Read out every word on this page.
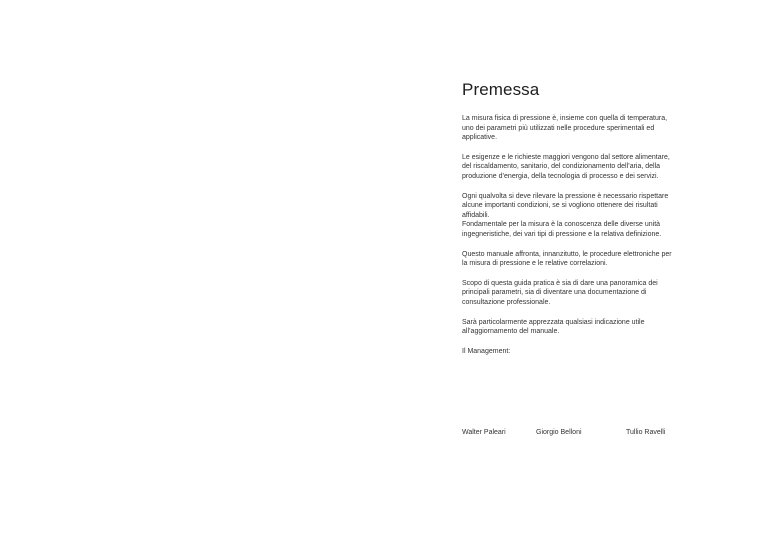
Premessa

La misura fisica di pressione è, insieme con quella di temperatura,
uno dei parametri più utilizzati nelle procedure sperimentali ed
applicative.

Le esigenze e le richieste maggiori vengono dal settore alimentare,
del riscaldamento, sanitario, del condizionamento dell’aria, della
produzione d’energia, della tecnologia di processo e dei servizi.

Ogni qualvolta si deve rilevare la pressione è necessario rispettare
alcune importanti condizioni, se si vogliono ottenere dei risultati
affidabili.
Fondamentale per la misura è la conoscenza delle diverse unità
ingegneristiche, dei vari tipi di pressione e la relativa definizione.

Questo manuale affronta, innanzitutto, le procedure elettroniche per
la misura di pressione e le relative correlazioni.

Scopo di questa guida pratica è sia di dare una panoramica dei
principali parametri, sia di diventare una documentazione di
consultazione professionale.

Sarà particolarmente apprezzata qualsiasi indicazione utile
all’aggiornamento del manuale.

Il Management:

Walter Paleari	Giorgio Belloni	Tullio Ravelli
